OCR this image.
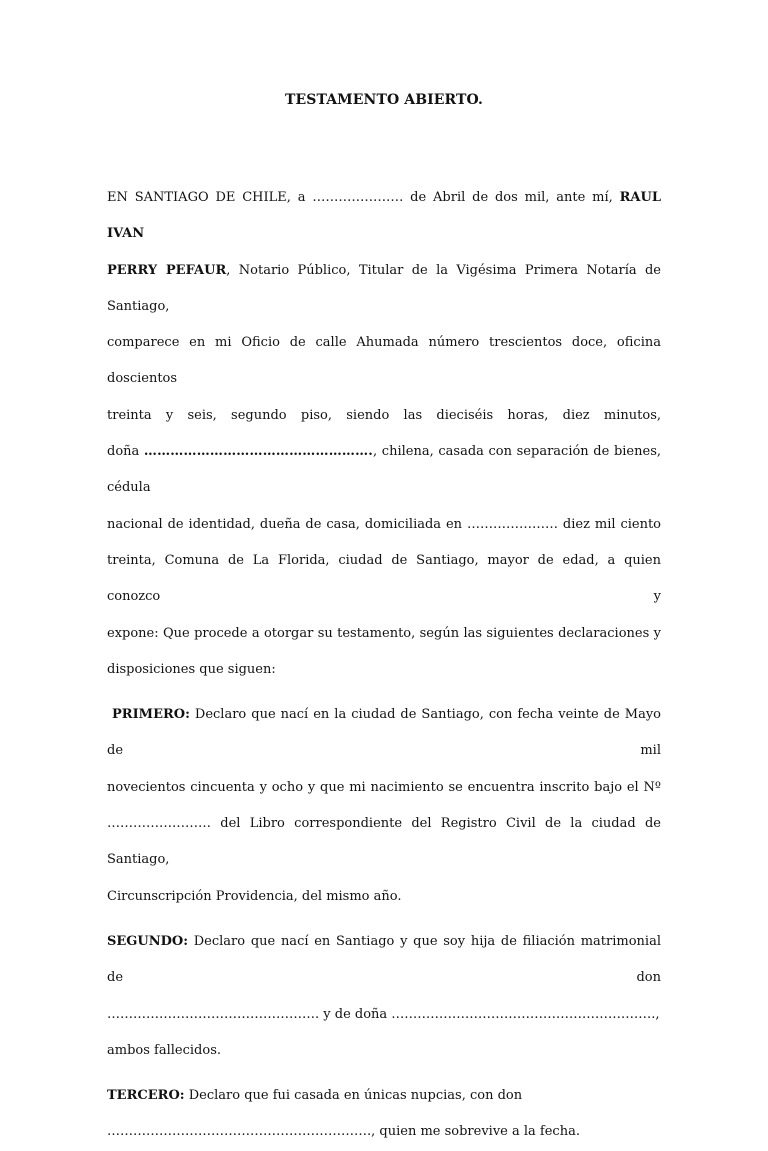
TESTAMENTO ABIERTO.

EN SANTIAGO DE CHILE, a ………………… de Abril de dos mil, ante mí, RAUL IVAN
PERRY PEFAUR, Notario Público, Titular de la Vigésima Primera Notaría de Santiago,
comparece en mi Oficio de calle Ahumada número trescientos doce, oficina doscientos
treinta y seis, segundo piso, siendo las dieciséis horas, diez minutos,
doña ……………………………………………., chilena, casada con separación de bienes, cédula
nacional de identidad, dueña de casa, domiciliada en ………………… diez mil ciento
treinta, Comuna de La Florida, ciudad de Santiago, mayor de edad, a quien conozco y
expone: Que procede a otorgar su testamento, según las siguientes declaraciones y
disposiciones que siguen:

PRIMERO: Declaro que nací en la ciudad de Santiago, con fecha veinte de Mayo de mil
novecientos cincuenta y ocho y que mi nacimiento se encuentra inscrito bajo el Nº
…………………… del Libro correspondiente del Registro Civil de la ciudad de Santiago,
Circunscripción Providencia, del mismo año.

SEGUNDO: Declaro que nací en Santiago y que soy hija de filiación matrimonial de don
…………………………………………. y de doña …………………………………………………….,
ambos fallecidos.

TERCERO: Declaro que fui casada en únicas nupcias, con don
……………………………………………………., quien me sobrevive a la fecha.
